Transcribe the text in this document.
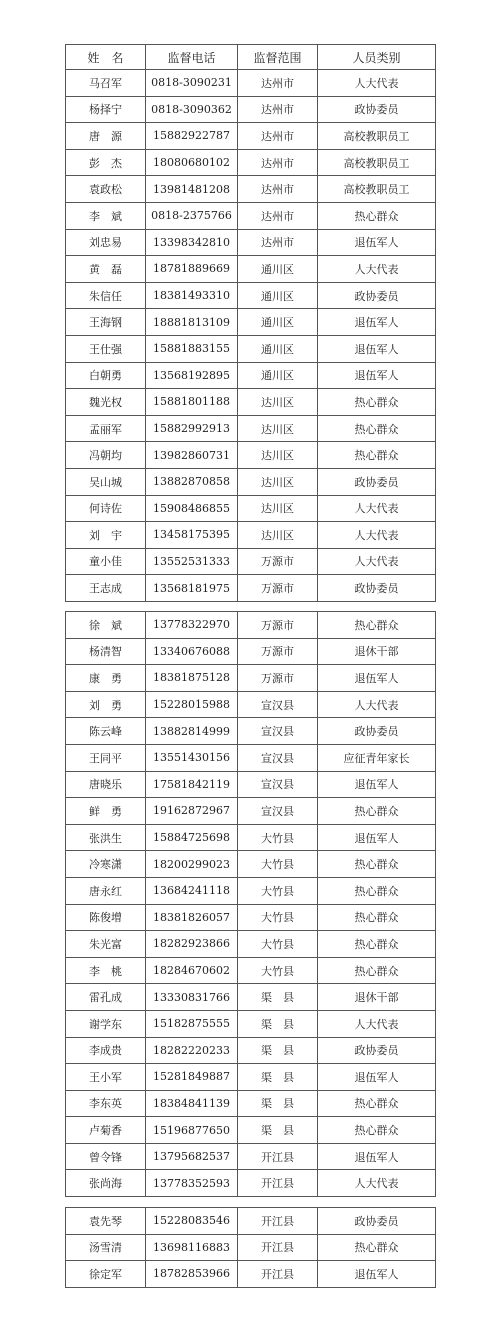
姓　名	监督电话	监督范围	人员类别
马召军	0818-3090231	达州市	人大代表
杨择宁	0818-3090362	达州市	政协委员
唐　源	15882922787	达州市	高校教职员工
彭　杰	18080680102	达州市	高校教职员工
袁政松	13981481208	达州市	高校教职员工
李　斌	0818-2375766	达州市	热心群众
刘忠易	13398342810	达州市	退伍军人
黄　磊	18781889669	通川区	人大代表
朱信任	18381493310	通川区	政协委员
王海钢	18881813109	通川区	退伍军人
王仕强	15881883155	通川区	退伍军人
白朝勇	13568192895	通川区	退伍军人
魏光权	15881801188	达川区	热心群众
孟丽军	15882992913	达川区	热心群众
冯朝均	13982860731	达川区	热心群众
吴山城	13882870858	达川区	政协委员
何诗佐	15908486855	达川区	人大代表
刘　宇	13458175395	达川区	人大代表
童小佳	13552531333	万源市	人大代表
王志成	13568181975	万源市	政协委员
徐　斌	13778322970	万源市	热心群众
杨清智	13340676088	万源市	退休干部
康　勇	18381875128	万源市	退伍军人
刘　勇	15228015988	宣汉县	人大代表
陈云峰	13882814999	宣汉县	政协委员
王同平	13551430156	宣汉县	应征青年家长
唐晓乐	17581842119	宣汉县	退伍军人
鲜　勇	19162872967	宣汉县	热心群众
张洪生	15884725698	大竹县	退伍军人
冷寒潇	18200299023	大竹县	热心群众
唐永红	13684241118	大竹县	热心群众
陈俊增	18381826057	大竹县	热心群众
朱光富	18282923866	大竹县	热心群众
李　桃	18284670602	大竹县	热心群众
雷孔成	13330831766	渠　县	退休干部
谢学东	15182875555	渠　县	人大代表
李成贵	18282220233	渠　县	政协委员
王小军	15281849887	渠　县	退伍军人
李东英	18384841139	渠　县	热心群众
卢菊香	15196877650	渠　县	热心群众
曾令锋	13795682537	开江县	退伍军人
张尚海	13778352593	开江县	人大代表
袁先琴	15228083546	开江县	政协委员
汤雪清	13698116883	开江县	热心群众
徐定军	18782853966	开江县	退伍军人
